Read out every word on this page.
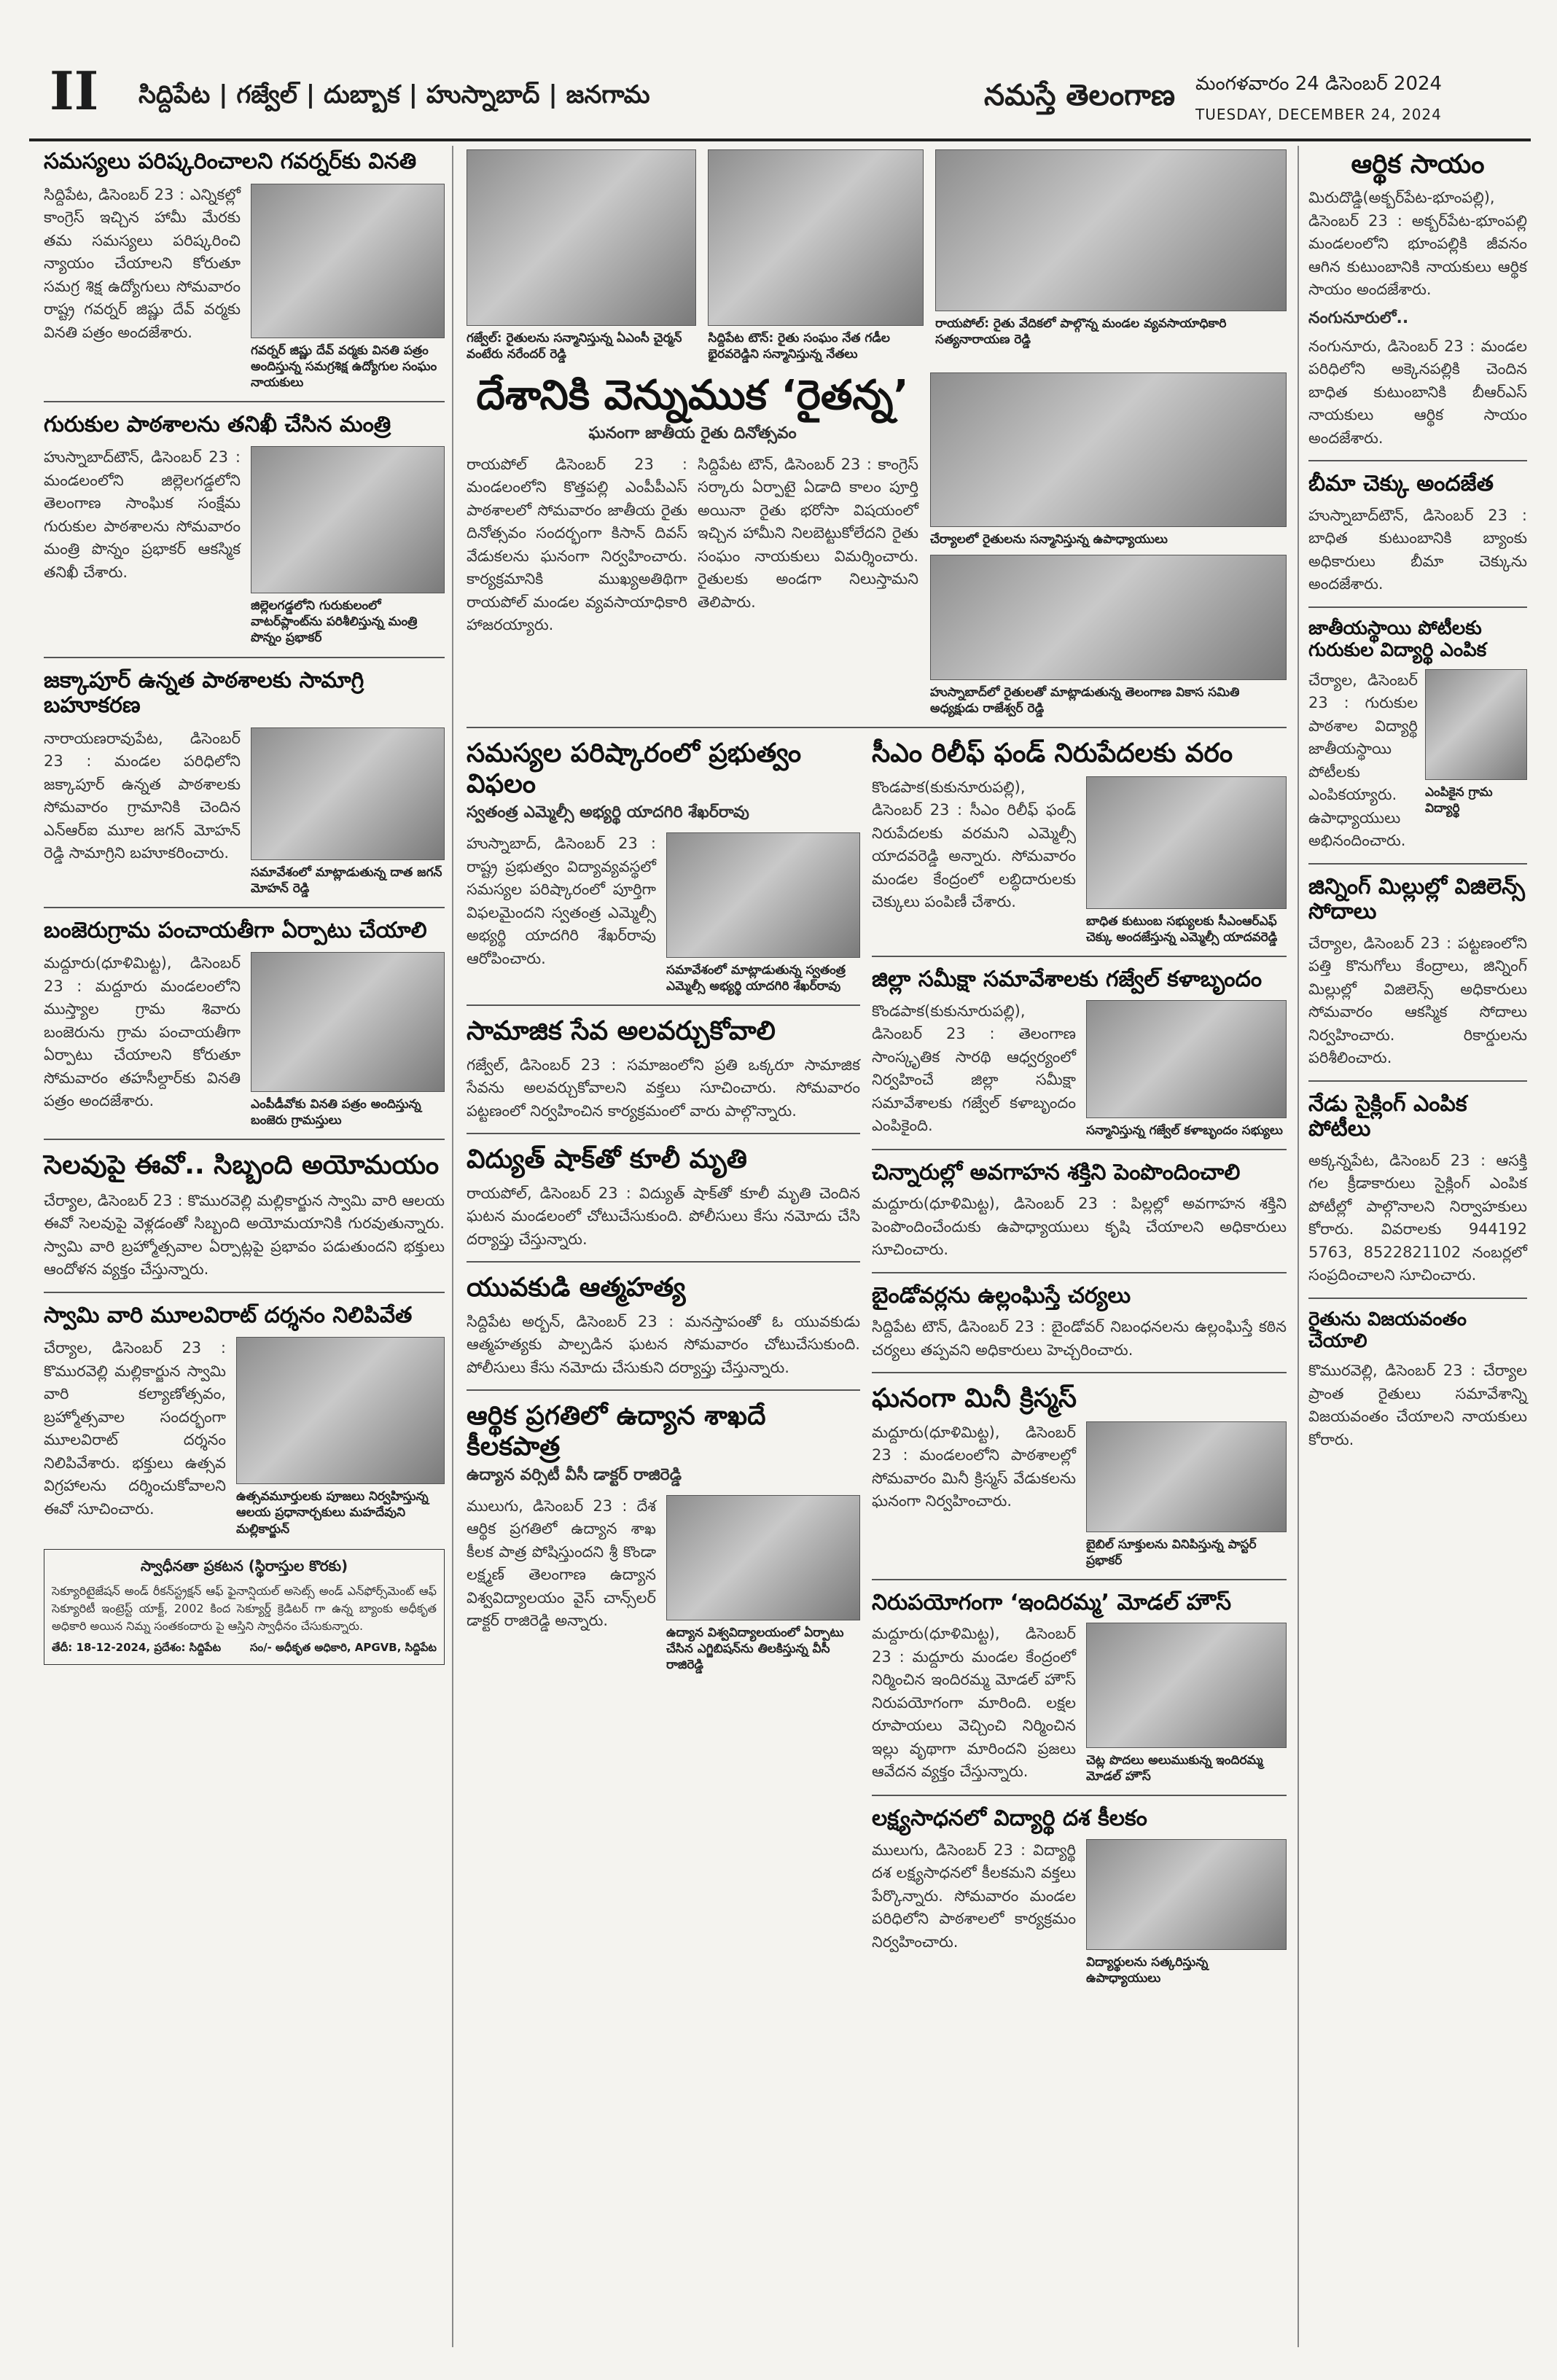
II సిద్దిపేట | గజ్వేల్ | దుబ్బాక | హుస్నాబాద్ | జనగామ	నమస్తే తెలంగాణ మంగళవారం 24 డిసెంబర్ 2024
TUESDAY, DECEMBER 24, 2024
సమస్యలు పరిష్కరించాలని గవర్నర్‌కు వినతి
సిద్దిపేట, డిసెంబర్ 23 : ఎన్నికల్లో కాంగ్రెస్ ఇచ్చిన హామీ మేరకు తమ సమస్యలు పరిష్కరించి న్యాయం చేయాలని కోరుతూ సమగ్ర శిక్ష ఉద్యోగులు సోమవారం రాష్ట్ర గవర్నర్ జిష్ణు దేవ్ వర్మకు వినతి పత్రం అందజేశారు.
గవర్నర్ జిష్ణు దేవ్ వర్మకు వినతి పత్రం అందిస్తున్న సమగ్రశిక్ష ఉద్యోగుల సంఘం నాయకులు
గురుకుల పాఠశాలను తనిఖీ చేసిన మంత్రి
హుస్నాబాద్‌టౌన్, డిసెంబర్ 23 : మండలంలోని జిల్లెలగడ్డలోని తెలంగాణ సాంఘిక సంక్షేమ గురుకుల పాఠశాలను సోమవారం మంత్రి పొన్నం ప్రభాకర్ ఆకస్మిక తనిఖీ చేశారు.
జిల్లెలగడ్డలోని గురుకులంలో వాటర్‌ప్లాంట్‌ను పరిశీలిస్తున్న మంత్రి పొన్నం ప్రభాకర్
జక్కాపూర్ ఉన్నత పాఠశాలకు సామాగ్రి బహూకరణ
నారాయణరావుపేట, డిసెంబర్ 23 : మండల పరిధిలోని జక్కాపూర్ ఉన్నత పాఠశాలకు సోమవారం గ్రామానికి చెందిన ఎన్ఆర్ఐ మూల జగన్ మోహన్ రెడ్డి సామాగ్రిని బహూకరించారు.
సమావేశంలో మాట్లాడుతున్న దాత జగన్ మోహన్ రెడ్డి
బంజెరుగ్రామ పంచాయతీగా ఏర్పాటు చేయాలి
మద్దూరు(ధూళిమిట్ట), డిసెంబర్ 23 : మద్దూరు మండలంలోని ముస్త్యాల గ్రామ శివారు బంజెరును గ్రామ పంచాయతీగా ఏర్పాటు చేయాలని కోరుతూ సోమవారం తహసీల్దార్‌కు వినతి పత్రం అందజేశారు.	ఎంపీడీవోకు వినతి పత్రం అందిస్తున్న బంజెరు గ్రామస్తులు
సెలవుపై ఈవో.. సిబ్బంది అయోమయం
చేర్యాల, డిసెంబర్ 23 : కొమురవెల్లి మల్లికార్జున స్వామి వారి ఆలయ ఈవో సెలవుపై వెళ్లడంతో సిబ్బంది అయోమయానికి గురవుతున్నారు. స్వామి వారి బ్రహ్మోత్సవాల ఏర్పాట్లపై ప్రభావం పడుతుందని భక్తులు ఆందోళన వ్యక్తం చేస్తున్నారు.
స్వామి వారి మూలవిరాట్ దర్శనం నిలిపివేత
చేర్యాల, డిసెంబర్ 23 : కొమురవెల్లి మల్లికార్జున స్వామి వారి కల్యాణోత్సవం, బ్రహ్మోత్సవాల సందర్భంగా మూలవిరాట్ దర్శనం నిలిపివేశారు. భక్తులు ఉత్సవ విగ్రహాలను దర్శించుకోవాలని ఈవో సూచించారు.
ఉత్సవమూర్తులకు పూజలు నిర్వహిస్తున్న ఆలయ ప్రధానార్చకులు మహదేవుని మల్లికార్జున్
స్వాధీనతా ప్రకటన (స్థిరాస్తుల కొరకు)
సెక్యూరిటైజేషన్ అండ్ రీకన్‌స్ట్రక్షన్ ఆఫ్ ఫైనాన్షియల్ అసెట్స్ అండ్ ఎన్‌ఫోర్స్‌మెంట్ ఆఫ్ సెక్యూరిటీ ఇంట్రెస్ట్ యాక్ట్, 2002 కింద సెక్యూర్డ్ క్రెడిటర్ గా ఉన్న బ్యాంకు అధీకృత అధికారి అయిన నిమ్న సంతకందారు పై ఆస్తిని స్వాధీనం చేసుకున్నారు.
తేదీ: 18-12-2024, ప్రదేశం: సిద్దిపేట	సం/- అధీకృత అధికారి, APGVB, సిద్దిపేట
గజ్వేల్: రైతులను సన్మానిస్తున్న ఏఎంసీ చైర్మన్ వంటేరు నరేందర్ రెడ్డి
సిద్దిపేట టౌన్: రైతు సంఘం నేత గడీల భైరవరెడ్డిని సన్మానిస్తున్న నేతలు
రాయపోల్: రైతు వేదికలో పాల్గొన్న మండల వ్యవసాయాధికారి సత్యనారాయణ రెడ్డి
దేశానికి వెన్నుముక ‘రైతన్న’
ఘనంగా జాతీయ రైతు దినోత్సవం
రాయపోల్ డిసెంబర్ 23 : మండలంలోని కొత్తపల్లి ఎంపీపీఎస్ పాఠశాలలో సోమవారం జాతీయ రైతు దినోత్సవం సందర్భంగా కిసాన్ దివస్ వేడుకలను ఘనంగా నిర్వహించారు. కార్యక్రమానికి ముఖ్యఅతిథిగా రాయపోల్ మండల వ్యవసాయాధికారి హాజరయ్యారు.
సిద్దిపేట టౌన్, డిసెంబర్ 23 : కాంగ్రెస్ సర్కారు ఏర్పాటై ఏడాది కాలం పూర్తి అయినా రైతు భరోసా విషయంలో ఇచ్చిన హామీని నిలబెట్టుకోలేదని రైతు సంఘం నాయకులు విమర్శించారు. రైతులకు అండగా నిలుస్తామని తెలిపారు.
చేర్యాలలో రైతులను సన్మానిస్తున్న ఉపాధ్యాయులు
హుస్నాబాద్‌లో రైతులతో మాట్లాడుతున్న తెలంగాణ వికాస సమితి అధ్యక్షుడు రాజేశ్వర్ రెడ్డి
సమస్యల పరిష్కారంలో ప్రభుత్వం విఫలం
స్వతంత్ర ఎమ్మెల్సీ అభ్యర్థి యాదగిరి శేఖర్‌రావు
హుస్నాబాద్, డిసెంబర్ 23 : రాష్ట్ర ప్రభుత్వం విద్యావ్యవస్థలో సమస్యల పరిష్కారంలో పూర్తిగా విఫలమైందని స్వతంత్ర ఎమ్మెల్సీ అభ్యర్థి యాదగిరి శేఖర్‌రావు ఆరోపించారు.
సమావేశంలో మాట్లాడుతున్న స్వతంత్ర ఎమ్మెల్సీ అభ్యర్థి యాదగిరి శేఖర్‌రావు
సామాజిక సేవ అలవర్చుకోవాలి
గజ్వేల్, డిసెంబర్ 23 : సమాజంలోని ప్రతి ఒక్కరూ సామాజిక సేవను అలవర్చుకోవాలని వక్తలు సూచించారు. సోమవారం పట్టణంలో నిర్వహించిన కార్యక్రమంలో వారు పాల్గొన్నారు.
విద్యుత్ షాక్‌తో కూలీ మృతి
రాయపోల్, డిసెంబర్ 23 : విద్యుత్ షాక్‌తో కూలీ మృతి చెందిన ఘటన మండలంలో చోటుచేసుకుంది. పోలీసులు కేసు నమోదు చేసి దర్యాప్తు చేస్తున్నారు.
యువకుడి ఆత్మహత్య
సిద్దిపేట అర్బన్, డిసెంబర్ 23 : మనస్తాపంతో ఓ యువకుడు ఆత్మహత్యకు పాల్పడిన ఘటన సోమవారం చోటుచేసుకుంది. పోలీసులు కేసు నమోదు చేసుకుని దర్యాప్తు చేస్తున్నారు.
ఆర్థిక ప్రగతిలో ఉద్యాన శాఖదే కీలకపాత్ర
ఉద్యాన వర్సిటీ వీసీ డాక్టర్ రాజిరెడ్డి
ములుగు, డిసెంబర్ 23 : దేశ ఆర్థిక ప్రగతిలో ఉద్యాన శాఖ కీలక పాత్ర పోషిస్తుందని శ్రీ కొండా లక్ష్మణ్ తెలంగాణ ఉద్యాన విశ్వవిద్యాలయం వైస్ చాన్స్‌లర్ డాక్టర్ రాజిరెడ్డి అన్నారు.
ఉద్యాన విశ్వవిద్యాలయంలో ఏర్పాటు చేసిన ఎగ్జిబిషన్‌ను తిలకిస్తున్న వీసీ రాజిరెడ్డి
సీఎం రిలీఫ్ ఫండ్ నిరుపేదలకు వరం
కొండపాక(కుకునూరుపల్లి), డిసెంబర్ 23 : సీఎం రిలీఫ్ ఫండ్ నిరుపేదలకు వరమని ఎమ్మెల్సీ యాదవరెడ్డి అన్నారు. సోమవారం మండల కేంద్రంలో లబ్ధిదారులకు చెక్కులు పంపిణీ చేశారు.
బాధిత కుటుంబ సభ్యులకు సీఎంఆర్ఎఫ్ చెక్కు అందజేస్తున్న ఎమ్మెల్సీ యాదవరెడ్డి
జిల్లా సమీక్షా సమావేశాలకు గజ్వేల్ కళాబృందం
కొండపాక(కుకునూరుపల్లి), డిసెంబర్ 23 : తెలంగాణ సాంస్కృతిక సారథి ఆధ్వర్యంలో నిర్వహించే జిల్లా సమీక్షా సమావేశాలకు గజ్వేల్ కళాబృందం ఎంపికైంది.	సన్మానిస్తున్న గజ్వేల్ కళాబృందం సభ్యులు
చిన్నారుల్లో అవగాహన శక్తిని పెంపొందించాలి
మద్దూరు(ధూళిమిట్ట), డిసెంబర్ 23 : పిల్లల్లో అవగాహన శక్తిని పెంపొందించేందుకు ఉపాధ్యాయులు కృషి చేయాలని అధికారులు సూచించారు.
బైండోవర్లను ఉల్లంఘిస్తే చర్యలు
సిద్దిపేట టౌన్, డిసెంబర్ 23 : బైండోవర్ నిబంధనలను ఉల్లంఘిస్తే కఠిన చర్యలు తప్పవని అధికారులు హెచ్చరించారు.
ఘనంగా మినీ క్రిస్మస్
మద్దూరు(ధూళిమిట్ట), డిసెంబర్ 23 : మండలంలోని పాఠశాలల్లో సోమవారం మినీ క్రిస్మస్ వేడుకలను ఘనంగా నిర్వహించారు.
బైబిల్ సూక్తులను వినిపిస్తున్న పాస్టర్ ప్రభాకర్
నిరుపయోగంగా ‘ఇందిరమ్మ’ మోడల్ హౌస్
మద్దూరు(ధూళిమిట్ట), డిసెంబర్ 23 : మద్దూరు మండల కేంద్రంలో నిర్మించిన ఇందిరమ్మ మోడల్ హౌస్ నిరుపయోగంగా మారింది. లక్షల రూపాయలు వెచ్చించి నిర్మించిన ఇల్లు వృథాగా మారిందని ప్రజలు ఆవేదన వ్యక్తం చేస్తున్నారు.
చెట్ల పొదలు అలుముకున్న ఇందిరమ్మ మోడల్ హౌస్
లక్ష్యసాధనలో విద్యార్థి దశ కీలకం
ములుగు, డిసెంబర్ 23 : విద్యార్థి దశ లక్ష్యసాధనలో కీలకమని వక్తలు పేర్కొన్నారు. సోమవారం మండల పరిధిలోని పాఠశాలలో కార్యక్రమం నిర్వహించారు.
విద్యార్థులను సత్కరిస్తున్న ఉపాధ్యాయులు
ఆర్థిక సాయం
మిరుదొడ్డి(అక్బర్‌పేట-భూంపల్లి), డిసెంబర్ 23 : అక్బర్‌పేట-భూంపల్లి మండలంలోని భూంపల్లికి జీవనం ఆగిన కుటుంబానికి నాయకులు ఆర్థిక సాయం అందజేశారు.
నంగునూరులో..
నంగునూరు, డిసెంబర్ 23 : మండల పరిధిలోని అక్కెనపల్లికి చెందిన బాధిత కుటుంబానికి బీఆర్ఎస్ నాయకులు ఆర్థిక సాయం అందజేశారు.
బీమా చెక్కు అందజేత
హుస్నాబాద్‌టౌన్, డిసెంబర్ 23 : బాధిత కుటుంబానికి బ్యాంకు అధికారులు బీమా చెక్కును అందజేశారు.
జాతీయస్థాయి పోటీలకు గురుకుల విద్యార్థి ఎంపిక
చేర్యాల, డిసెంబర్ 23 : గురుకుల పాఠశాల విద్యార్థి జాతీయస్థాయి పోటీలకు ఎంపికయ్యారు. ఉపాధ్యాయులు అభినందించారు.
ఎంపికైన గ్రామ విద్యార్థి
జిన్నింగ్ మిల్లుల్లో విజిలెన్స్ సోదాలు
చేర్యాల, డిసెంబర్ 23 : పట్టణంలోని పత్తి కొనుగోలు కేంద్రాలు, జిన్నింగ్ మిల్లుల్లో విజిలెన్స్ అధికారులు సోమవారం ఆకస్మిక సోదాలు నిర్వహించారు. రికార్డులను పరిశీలించారు.
నేడు సైక్లింగ్ ఎంపిక పోటీలు
అక్కన్నపేట, డిసెంబర్ 23 : ఆసక్తి గల క్రీడాకారులు సైక్లింగ్ ఎంపిక పోటీల్లో పాల్గొనాలని నిర్వాహకులు కోరారు. వివరాలకు 944192 5763, 8522821102 నంబర్లలో సంప్రదించాలని సూచించారు.
రైతును విజయవంతం చేయాలి
కొమురవెల్లి, డిసెంబర్ 23 : చేర్యాల ప్రాంత రైతులు సమావేశాన్ని విజయవంతం చేయాలని నాయకులు కోరారు.
